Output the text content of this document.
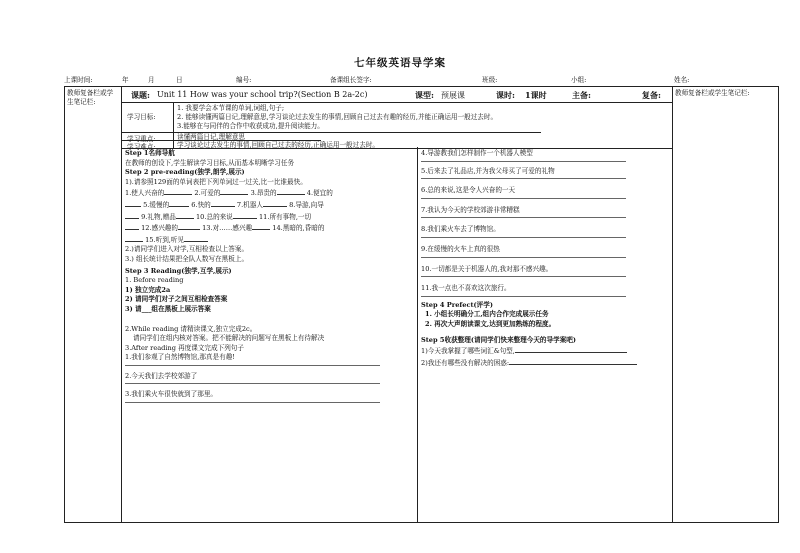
七年级英语导学案
上课时间:	年	月	日	编号:	备课组长签字:	班级:	小组:	姓名:
教师复备栏或学生笔记栏:
教师复备栏或学生笔记栏:
课题: Unit 11 How was your school trip?(Section B 2a-2c)	课型: 预展课	课时: 1课时	主备:	复备:
学习目标:
1. 我要学会本节课的单词,词组,句子;
2. 能够读懂两篇日记,理解意思,学习谈论过去发生的事情,回顾自己过去有趣的经历,并能正确运用一般过去时。
3.能够在与同伴的合作中收获成功,提升阅读能力。
学习重点:	读懂两篇日记,理解意思
学习难点:	学习谈论过去发生的事情,回顾自己过去的经历,正确运用一般过去时。

Step 1名师导航

在教师的创设下,学生解读学习目标,从而基本明晰学习任务

Step 2 pre-reading(独学,朗学,展示)

1).请参照129面的单词表把下列单词过一过关,比一比谁最快。

1.使人兴奋的	2.可爱的	3.昂贵的	4.便宜的

5.缓慢的	6.快的	7.机器人	8.导游,向导

9.礼物,赠品	10.总的来说	11.所有事物,一切

12.感兴趣的	13.对……感兴趣	14.黑暗的,昏暗的

15.听到,听见

2.)请同学们进入对学,互相检查以上答案。

3.) 组长统计结果把全队人数写在黑板上。

Step 3 Reading(独学,互学,展示)

1. Before reading

1) 独立完成2a

2) 请同学们对子之间互相检查答案

3) 请___组在黑板上展示答案

2.While reading 请精读课文,独立完成2c。

请同学们在组内核对答案。把不能解决的问题写在黑板上有待解决

3.After reading 再度课文完成下列句子

1.我们参观了自然博物馆,那真是有趣!

2.今天我们去学校郊游了

3.我们乘火车很快就到了那里。

4.导游教我们怎样制作一个机器人模型

5.后来去了礼品店,并为我父母买了可爱的礼物

6.总的来说,这是令人兴奋的一天

7.我认为今天的学校郊游非常糟糕

8.我们乘火车去了博物馆。

9.在缓慢的火车上真的很热

10.一切都是关于机器人的,我对那不感兴趣。

11.我一点也不喜欢这次旅行。

Step 4 Prefect(评学)

1. 小组长明确分工,组内合作完成展示任务

2. 再次大声朗读课文,达到更加熟练的程度。

Step 5收获整理(请同学们快来整理今天的导学案吧)

1)今天我掌握了哪些词汇&句型,

2)我还有哪些没有解决的困惑:
